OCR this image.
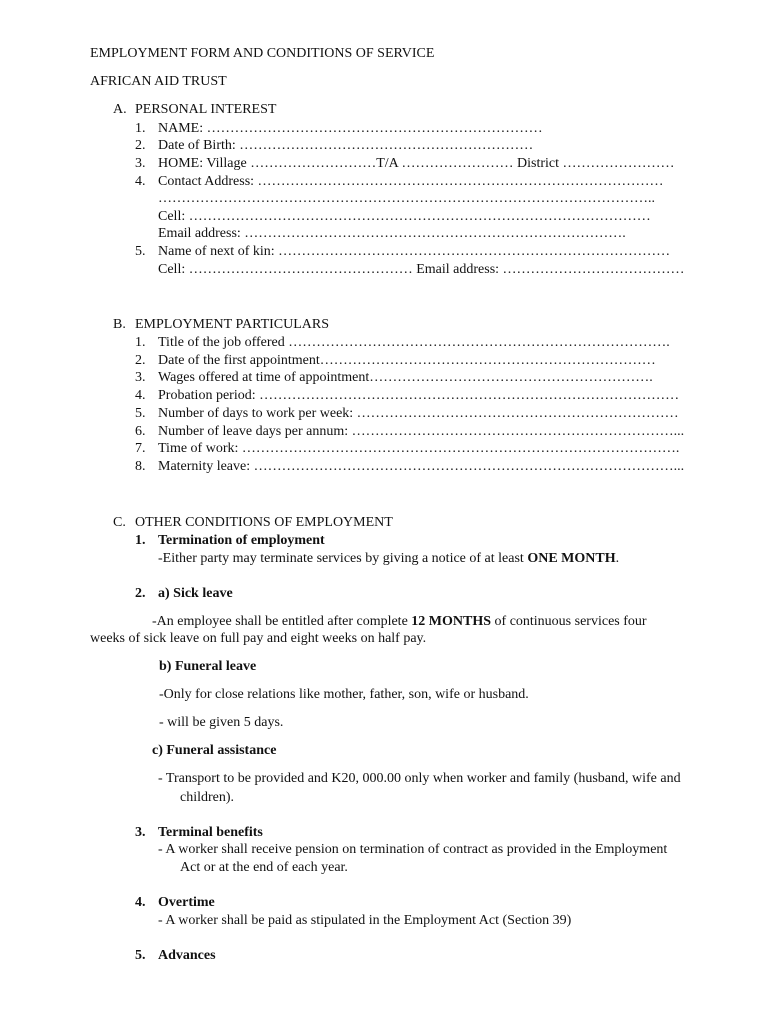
EMPLOYMENT FORM AND CONDITIONS OF SERVICE
AFRICAN AID TRUST
A. PERSONAL INTEREST
1. NAME: ………………………………………………………………
2. Date of Birth: ………………………………………………………
3. HOME: Village ………………………T/A …………………… District ……………………
4. Contact Address: ……………………………………………………………………………
……………………………………………………………………………………………..
Cell: ………………………………………………………………………………………
Email address: ……………………………………………………………………….
5. Name of next of kin: …………………………………………………………………………
Cell: ………………………………………… Email address: …………………………………
B. EMPLOYMENT PARTICULARS
1. Title of the job offered ……………………………………………………………………….
2. Date of the first appointment………………………………………………………………
3. Wages offered at time of appointment…………………………………………………….
4. Probation period: ………………………………………………………………………………
5. Number of days to work per week: ……………………………………………………………
6. Number of leave days per annum: ……………………………………………………………...
7. Time of work: ………………………………………………………………………………….
8. Maternity leave: ………………………………………………………………………………...
C. OTHER CONDITIONS OF EMPLOYMENT
1. Termination of employment
-Either party may terminate services by giving a notice of at least ONE MONTH.
2. a) Sick leave
-An employee shall be entitled after complete 12 MONTHS of continuous services four
weeks of sick leave on full pay and eight weeks on half pay.
b) Funeral leave
-Only for close relations like mother, father, son, wife or husband.
- will be given 5 days.
c) Funeral assistance
- Transport to be provided and K20, 000.00 only when worker and family (husband, wife and
children).
3. Terminal benefits
- A worker shall receive pension on termination of contract as provided in the Employment
Act or at the end of each year.
4. Overtime
- A worker shall be paid as stipulated in the Employment Act (Section 39)
5. Advances
